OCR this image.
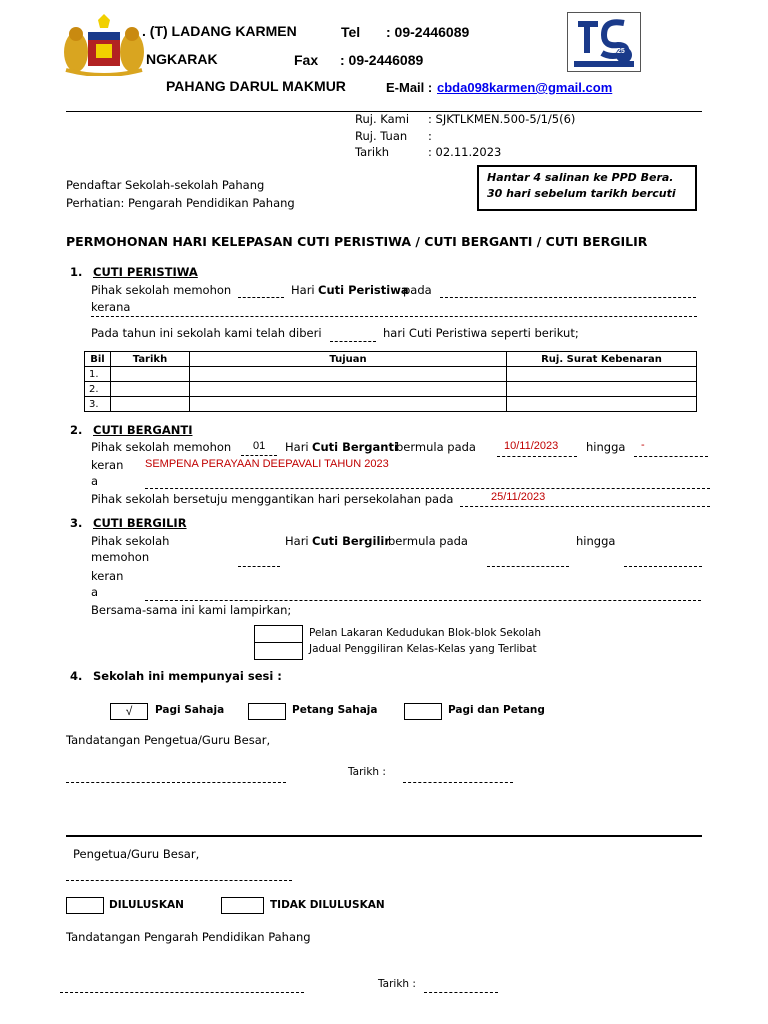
. (T) LADANG KARMEN
NGKARAK
PAHANG DARUL MAKMUR
Tel : 09-2446089
Fax : 09-2446089
E-Mail : cbda098karmen@gmail.com
25
Ruj. Kami : SJKTLKMEN.500-5/1/5(6)
Ruj. Tuan :
Tarikh	: 02.11.2023
Hantar 4 salinan ke PPD Bera.
30 hari sebelum tarikh bercuti
Pendaftar Sekolah-sekolah Pahang
Perhatian: Pengarah Pendidikan Pahang
PERMOHONAN HARI KELEPASAN CUTI PERISTIWA / CUTI BERGANTI / CUTI BERGILIR
1. CUTI PERISTIWA
Pihak sekolah memohon	Hari Cuti Peristiwa
pada
kerana
Pada tahun ini sekolah kami telah diberi	hari Cuti Peristiwa seperti berikut;
Bil	Tarikh	Tujuan	Ruj. Surat Kebenaran
1.			
2.			
3.			
2. CUTI BERGANTI
Pihak sekolah memohon 01 Hari Cuti Berganti
bermula pada	10/11/2023 hingga -
keran
a
SEMPENA PERAYAAN DEEPAVALI TAHUN 2023
Pihak sekolah bersetuju menggantikan hari persekolahan pada	25/11/2023
3. CUTI BERGILIR
Pihak sekolah
memohon
Hari Cuti Bergilir
bermula pada	hingga
keran
a
Bersama-sama ini kami lampirkan;
Pelan Lakaran Kedudukan Blok-blok Sekolah
Jadual Penggiliran Kelas-Kelas yang Terlibat
4. Sekolah ini mempunyai sesi :
√	Pagi Sahaja	Petang Sahaja	Pagi dan Petang
Tandatangan Pengetua/Guru Besar,
Tarikh :
Pengetua/Guru Besar,
DILULUSKAN	TIDAK DILULUSKAN
Tandatangan Pengarah Pendidikan Pahang
Tarikh :
